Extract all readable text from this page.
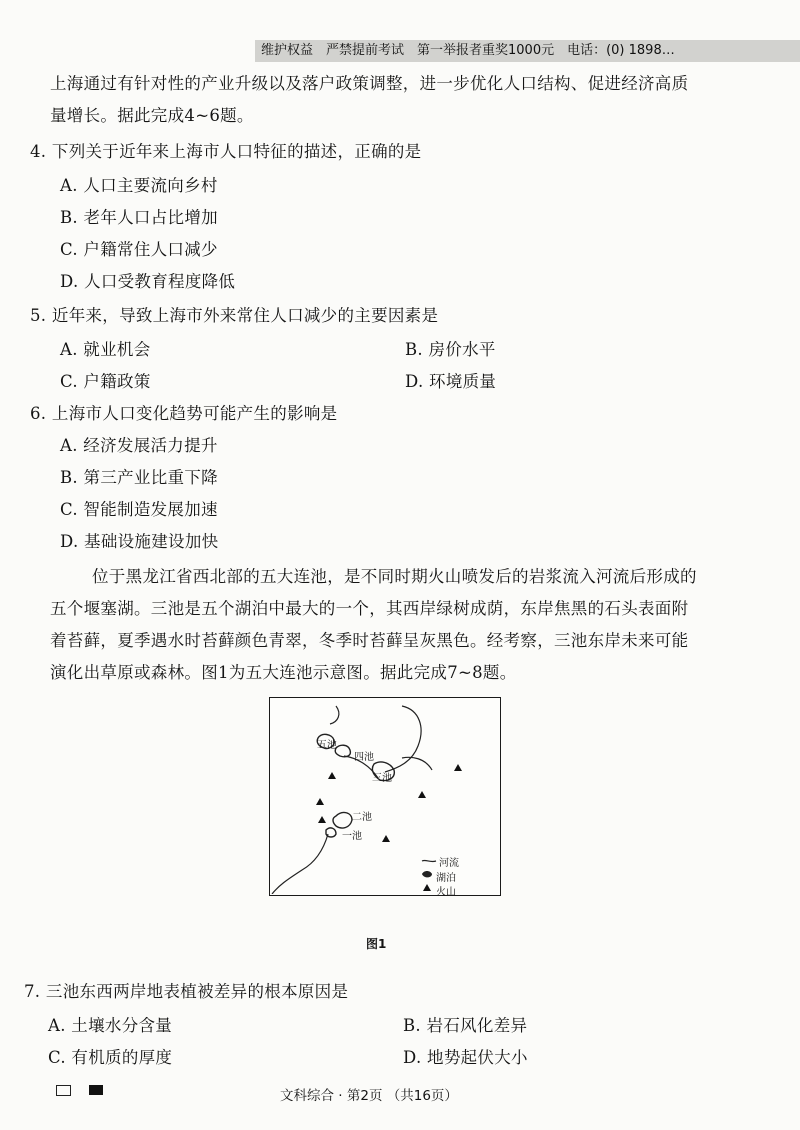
维护权益　严禁提前考试　第一举报者重奖1000元　电话：(0) 1898…
上海通过有针对性的产业升级以及落户政策调整，进一步优化人口结构、促进经济高质
量增长。据此完成4~6题。
4. 下列关于近年来上海市人口特征的描述，正确的是
A. 人口主要流向乡村
B. 老年人口占比增加
C. 户籍常住人口减少
D. 人口受教育程度降低
5. 近年来，导致上海市外来常住人口减少的主要因素是
A. 就业机会	B. 房价水平
C. 户籍政策	D. 环境质量
6. 上海市人口变化趋势可能产生的影响是
A. 经济发展活力提升
B. 第三产业比重下降
C. 智能制造发展加速
D. 基础设施建设加快
位于黑龙江省西北部的五大连池，是不同时期火山喷发后的岩浆流入河流后形成的
五个堰塞湖。三池是五个湖泊中最大的一个，其西岸绿树成荫，东岸焦黑的石头表面附
着苔藓，夏季遇水时苔藓颜色青翠，冬季时苔藓呈灰黑色。经考察，三池东岸未来可能
演化出草原或森林。图1为五大连池示意图。据此完成7~8题。
五池
四池
三池
二池
一池
河流
湖泊
火山
图1
7. 三池东西两岸地表植被差异的根本原因是
A. 土壤水分含量	B. 岩石风化差异
C. 有机质的厚度	D. 地势起伏大小
文科综合 · 第2页 （共16页）
